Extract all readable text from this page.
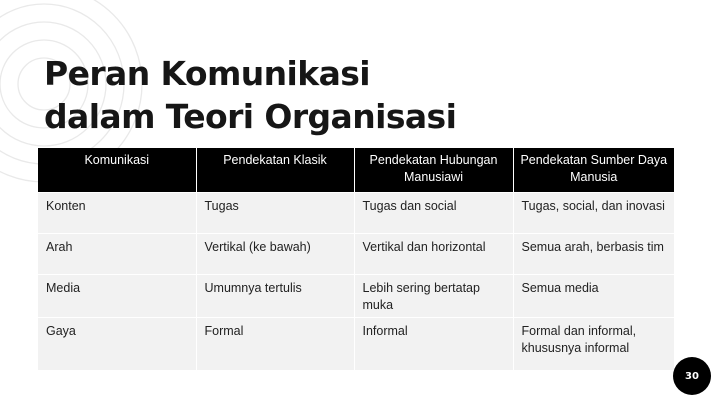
Peran Komunikasi
dalam Teori Organisasi
Komunikasi	Pendekatan Klasik	Pendekatan Hubungan Manusiawi	Pendekatan Sumber Daya Manusia
Konten	Tugas	Tugas dan social	Tugas, social, dan inovasi
Arah	Vertikal (ke bawah)	Vertikal dan horizontal	Semua arah, berbasis tim
Media	Umumnya tertulis	Lebih sering bertatap muka	Semua media
Gaya	Formal	Informal	Formal dan informal, khususnya informal
30
